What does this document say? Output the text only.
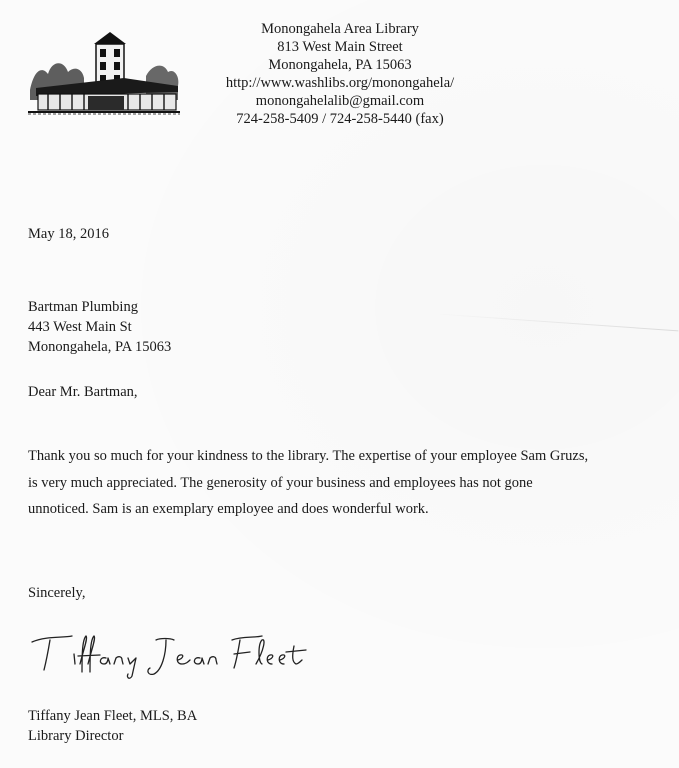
Monongahela Area Library
813 West Main Street
Monongahela, PA 15063
http://www.washlibs.org/monongahela/
monongahelalib@gmail.com
724-258-5409 / 724-258-5440 (fax)
May 18, 2016
Bartman Plumbing
443 West Main St
Monongahela, PA 15063
Dear Mr. Bartman,
Thank you so much for your kindness to the library. The expertise of your employee Sam Gruzs,
is very much appreciated. The generosity of your business and employees has not gone
unnoticed. Sam is an exemplary employee and does wonderful work.
Sincerely,
Tiffany Jean Fleet, MLS, BA
Library Director
